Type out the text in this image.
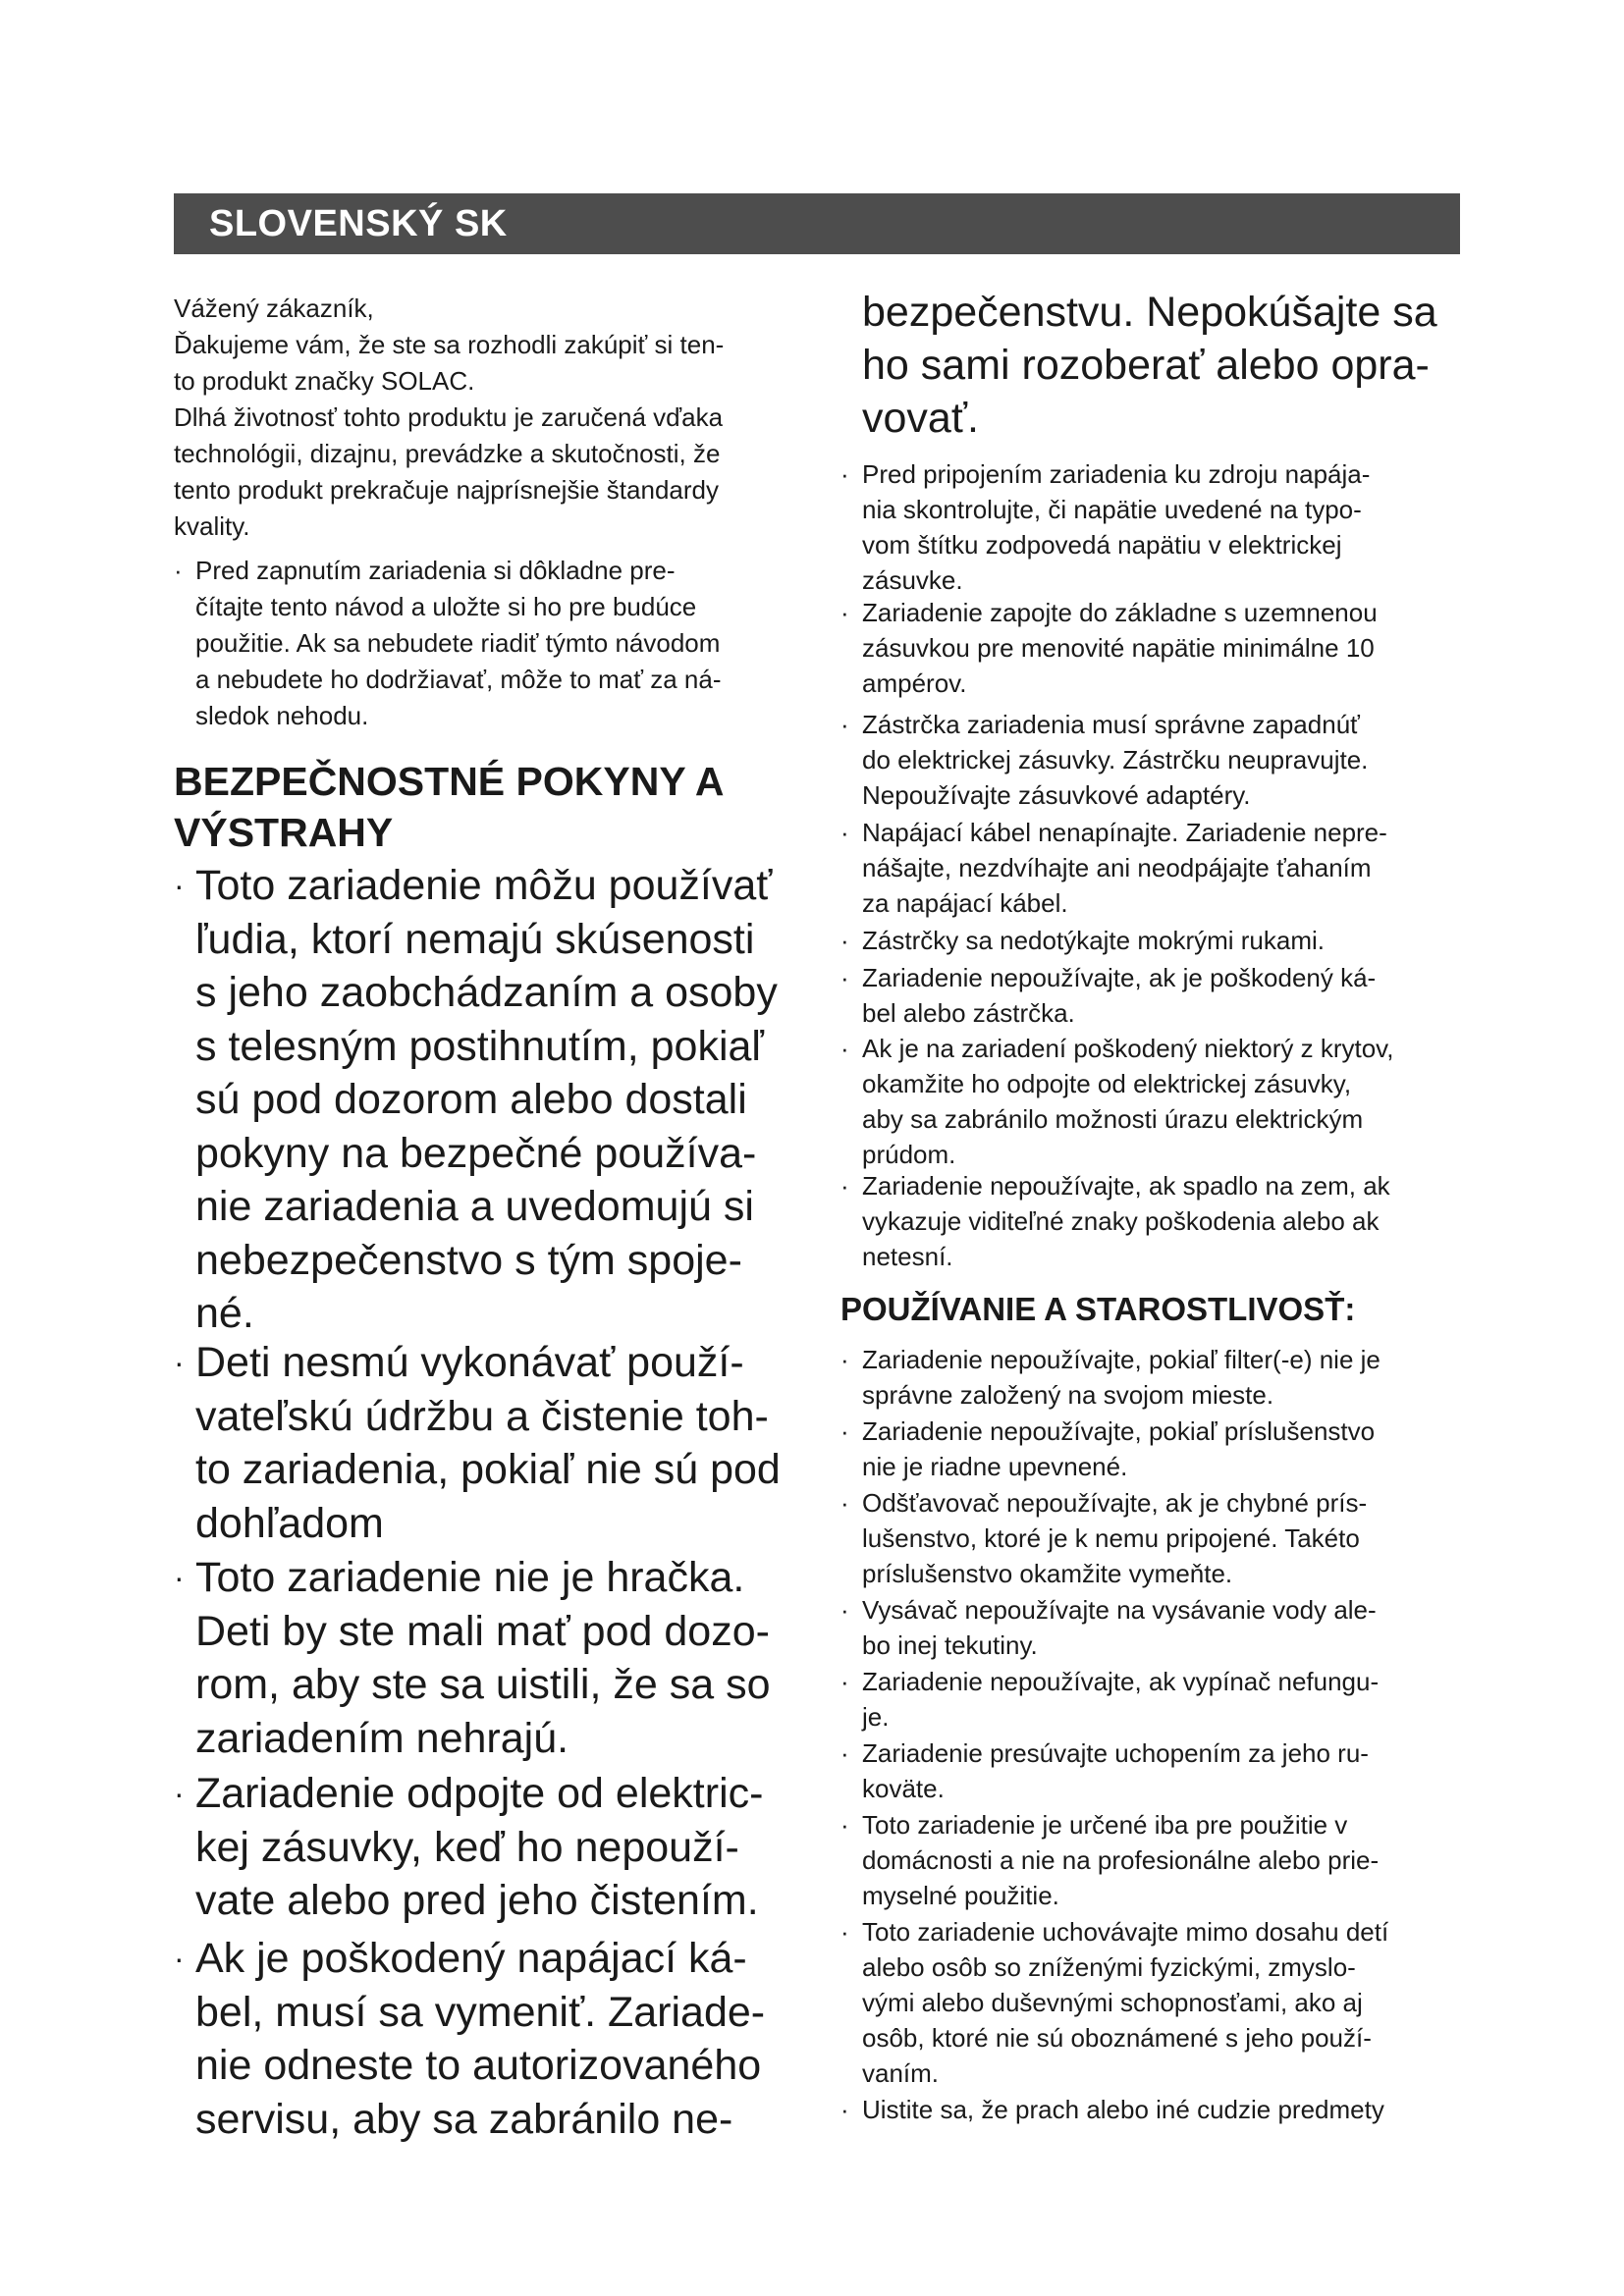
SLOVENSKÝ SK
Vážený zákazník,
Ďakujeme vám, že ste sa rozhodli zakúpiť si ten-
to produkt značky SOLAC.
Dlhá životnosť tohto produktu je zaručená vďaka
technológii, dizajnu, prevádzke a skutočnosti, že
tento produkt prekračuje najprísnejšie štandardy
kvality.
· Pred zapnutím zariadenia si dôkladne pre-
čítajte tento návod a uložte si ho pre budúce
použitie. Ak sa nebudete riadiť týmto návodom
a nebudete ho dodržiavať, môže to mať za ná-
sledok nehodu.
BEZPEČNOSTNÉ POKYNY A
VÝSTRAHY
· Toto zariadenie môžu používať
ľudia, ktorí nemajú skúsenosti
s jeho zaobchádzaním a osoby
s telesným postihnutím, pokiaľ
sú pod dozorom alebo dostali
pokyny na bezpečné používa-
nie zariadenia a uvedomujú si
nebezpečenstvo s tým spoje-
né.
· Deti nesmú vykonávať použí-
vateľskú údržbu a čistenie toh-
to zariadenia, pokiaľ nie sú pod
dohľadom
· Toto zariadenie nie je hračka.
Deti by ste mali mať pod dozo-
rom, aby ste sa uistili, že sa so
zariadením nehrajú.
· Zariadenie odpojte od elektric-
kej zásuvky, keď ho nepouží-
vate alebo pred jeho čistením.
· Ak je poškodený napájací ká-
bel, musí sa vymeniť. Zariade-
nie odneste to autorizovaného
servisu, aby sa zabránilo ne-
bezpečenstvu. Nepokúšajte sa
ho sami rozoberať alebo opra-
vovať.
· Pred pripojením zariadenia ku zdroju napája-
nia skontrolujte, či napätie uvedené na typo-
vom štítku zodpovedá napätiu v elektrickej
zásuvke.
· Zariadenie zapojte do základne s uzemnenou
zásuvkou pre menovité napätie minimálne 10
ampérov.
· Zástrčka zariadenia musí správne zapadnúť
do elektrickej zásuvky. Zástrčku neupravujte.
Nepoužívajte zásuvkové adaptéry.
· Napájací kábel nenapínajte. Zariadenie nepre-
nášajte, nezdvíhajte ani neodpájajte ťahaním
za napájací kábel.
· Zástrčky sa nedotýkajte mokrými rukami.
· Zariadenie nepoužívajte, ak je poškodený ká-
bel alebo zástrčka.
· Ak je na zariadení poškodený niektorý z krytov,
okamžite ho odpojte od elektrickej zásuvky,
aby sa zabránilo možnosti úrazu elektrickým
prúdom.
· Zariadenie nepoužívajte, ak spadlo na zem, ak
vykazuje viditeľné znaky poškodenia alebo ak
netesní.
POUŽÍVANIE A STAROSTLIVOSŤ:
· Zariadenie nepoužívajte, pokiaľ filter(-e) nie je
správne založený na svojom mieste.
· Zariadenie nepoužívajte, pokiaľ príslušenstvo
nie je riadne upevnené.
· Odšťavovač nepoužívajte, ak je chybné prís-
lušenstvo, ktoré je k nemu pripojené. Takéto
príslušenstvo okamžite vymeňte.
· Vysávač nepoužívajte na vysávanie vody ale-
bo inej tekutiny.
· Zariadenie nepoužívajte, ak vypínač nefungu-
je.
· Zariadenie presúvajte uchopením za jeho ru-
koväte.
· Toto zariadenie je určené iba pre použitie v
domácnosti a nie na profesionálne alebo prie-
myselné použitie.
· Toto zariadenie uchovávajte mimo dosahu detí
alebo osôb so zníženými fyzickými, zmyslo-
vými alebo duševnými schopnosťami, ako aj
osôb, ktoré nie sú oboznámené s jeho použí-
vaním.
· Uistite sa, že prach alebo iné cudzie predmety
